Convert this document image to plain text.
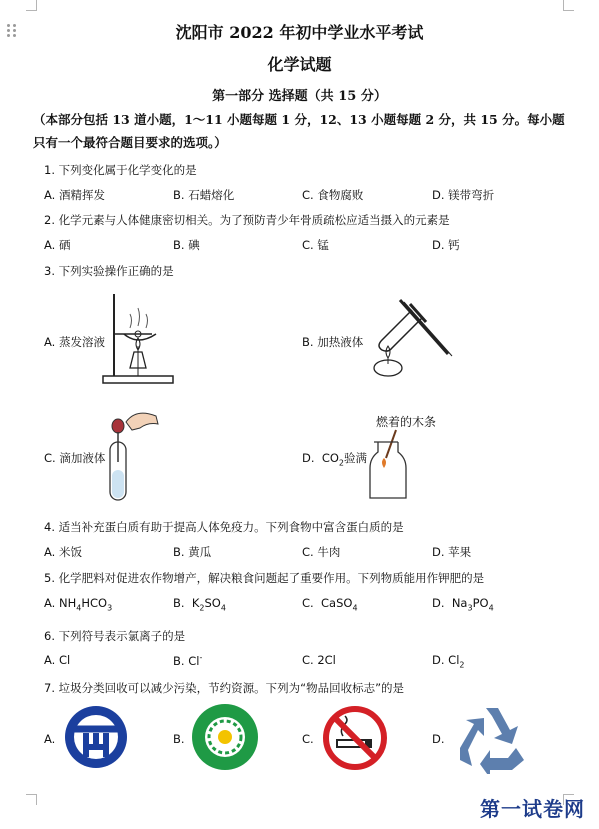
沈阳市 2022 年初中学业水平考试
化学试题
第一部分 选择题（共 15 分）
（本部分包括 13 道小题，1～11 小题每题 1 分，12、13 小题每题 2 分，共 15 分。每小题只有一个最符合题目要求的选项。）
1. 下列变化属于化学变化的是
A. 酒精挥发	B. 石蜡熔化	C. 食物腐败	D. 镁带弯折
2. 化学元素与人体健康密切相关。为了预防青少年骨质疏松应适当摄入的元素是
A. 硒	B. 碘	C. 锰	D. 钙
3. 下列实验操作正确的是
A. 蒸发溶液	B. 加热液体
C. 滴加液体	D.  $CO_2$验满
燃着的木条
4. 适当补充蛋白质有助于提高人体免疫力。下列食物中富含蛋白质的是
A. 米饭	B. 黄瓜	C. 牛肉	D. 苹果
5. 化学肥料对促进农作物增产，解决粮食问题起了重要作用。下列物质能用作钾肥的是
A. $NH_4HCO_3$	B.  $K_2SO_4$	C.  CaSO$_4$	D.  $Na_3PO_4$
6. 下列符号表示氯离子的是
A. Cl	B. Cl-	C. 2Cl	D. $Cl_2$
7. 垃圾分类回收可以减少污染，节约资源。下列为“物品回收标志”的是
A.	B.	C.	D.
第一试卷网
